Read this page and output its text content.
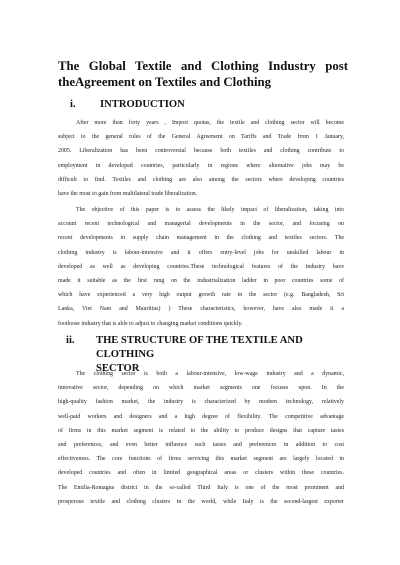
The Global Textile and Clothing Industry post
theAgreement on Textiles and Clothing
i. INTRODUCTION
After more than forty years , Import quotas, the textile and clothing sector will become
subject to the general rules of the General Agreement on Tariffs and Trade from 1 January,
2005. Liberalization has been controversial because both textiles and clothing contribute to
employment in developed countries, particularly in regions where alternative jobs may be
difficult to find. Textiles and clothing are also among the sectors where developing countries
have the most to gain from multilateral trade liberalization.
The objective of this paper is to assess the likely impact of liberalization, taking into
account recent technological and managerial developments in the sector, and focusing on
recent developments in supply chain management in the clothing and textiles sectors. The
clothing industry is labour-intensive and it offers entry-level jobs for unskilled labour in
developed as well as developing countries.These technological features of the industry have
made it suitable as the first rung on the industrialization ladder in poor countries some of
which have experienced a very high output growth rate in the sector (e.g. Bangladesh, Sri
Lanka, Viet Nam and Mauritius) ) These characteristics, however, have also made it a
footloose industry that is able to adjust to changing market conditions quickly.
ii. THE STRUCTURE OF THE TEXTILE AND CLOTHING
SECTOR
The clothing sector is both a labour-intensive, low-wage industry and a dynamic,
innovative sector, depending on which market segments one focuses upon. In the
high-quality fashion market, the industry is characterized by modern technology, relatively
well-paid workers and designers and a high degree of flexibility. The competitive advantage
of firms in this market segment is related to the ability to produce designs that capture tastes
and preferences, and even better influence such tastes and preferences in addition to cost
effectiveness. The core functions of firms servicing this market segment are largely located in
developed countries and often in limited geographical areas or clusters within these countries.
The Emilia-Romagna district in the so-called Third Italy is one of the most prominent and
prosperous textile and clothing clusters in the world, while Italy is the second-largest exporter
